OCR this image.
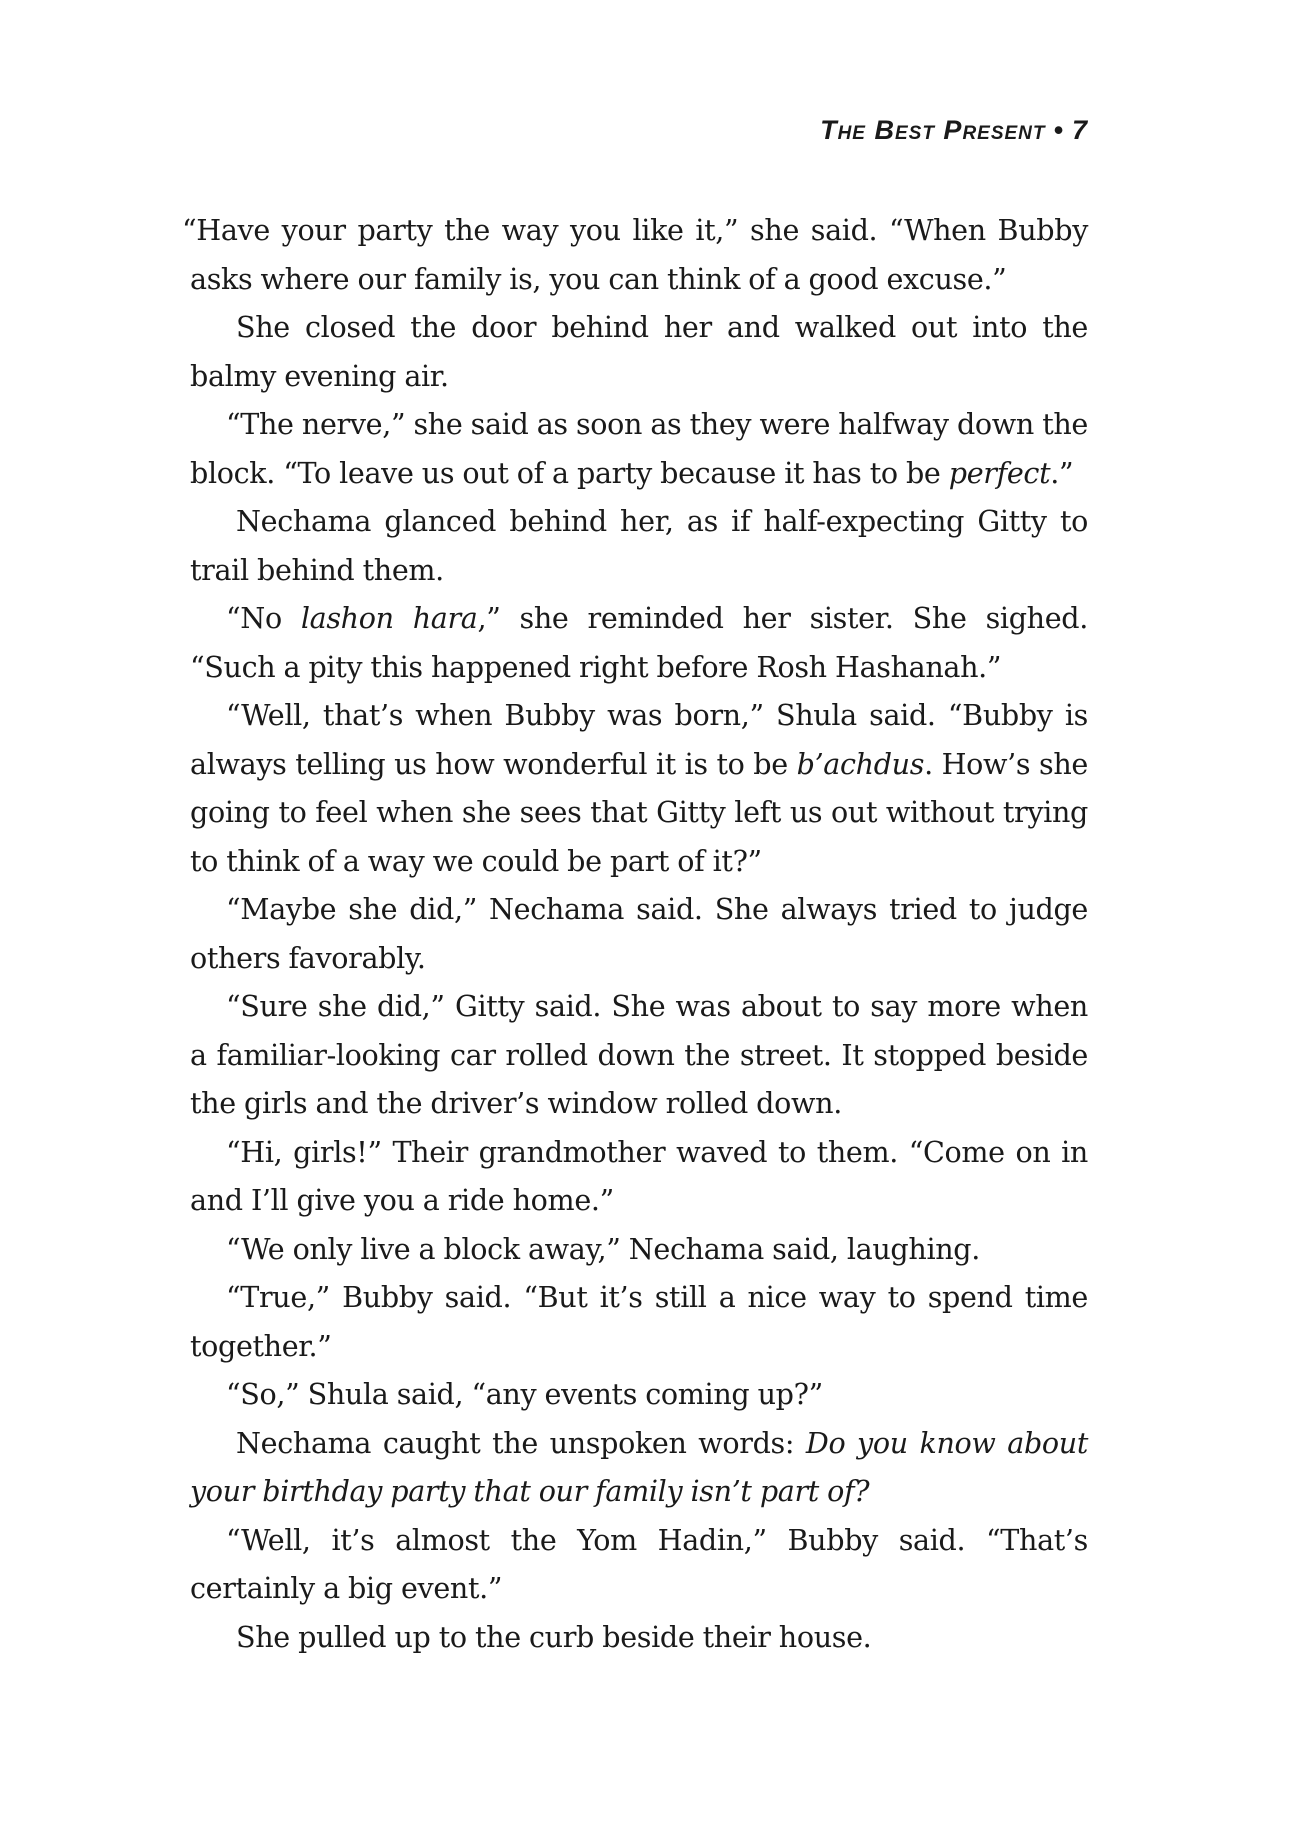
The Best Present • 7

“Have your party the way you like it,” she said. “When Bubby asks where our family is, you can think of a good excuse.”

She closed the door behind her and walked out into the balmy evening air.

“The nerve,” she said as soon as they were halfway down the block. “To leave us out of a party because it has to be perfect.”

Nechama glanced behind her, as if half-expecting Gitty to trail behind them.

“No lashon hara,” she reminded her sister. She sighed. “Such a pity this happened right before Rosh Hashanah.”

“Well, that’s when Bubby was born,” Shula said. “Bubby is always telling us how wonderful it is to be b’achdus. How’s she going to feel when she sees that Gitty left us out without trying to think of a way we could be part of it?”

“Maybe she did,” Nechama said. She always tried to judge others favorably.

“Sure she did,” Gitty said. She was about to say more when a familiar-looking car rolled down the street. It stopped beside the girls and the driver’s window rolled down.

“Hi, girls!” Their grandmother waved to them. “Come on in and I’ll give you a ride home.”

“We only live a block away,” Nechama said, laughing.

“True,” Bubby said. “But it’s still a nice way to spend time together.”

“So,” Shula said, “any events coming up?”

Nechama caught the unspoken words: Do you know about your birthday party that our family isn’t part of?

“Well, it’s almost the Yom Hadin,” Bubby said. “That’s certainly a big event.”

She pulled up to the curb beside their house.
